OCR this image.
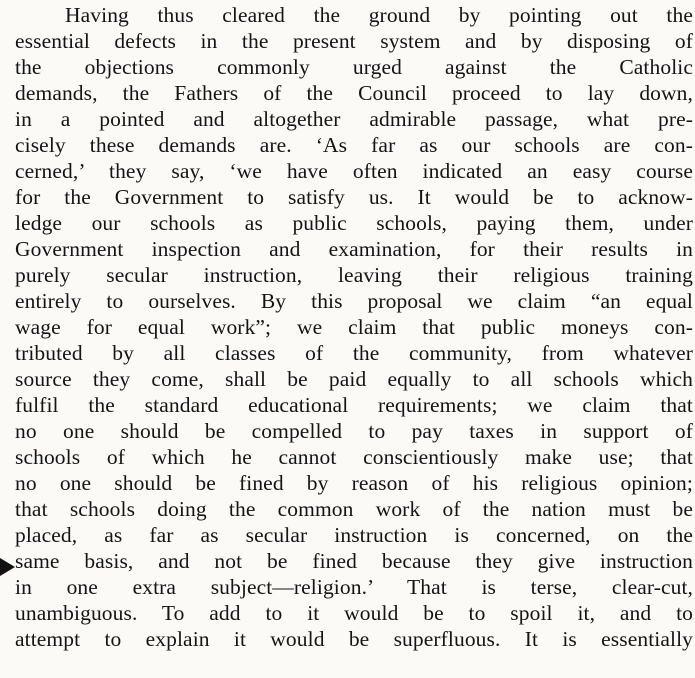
Having thus cleared the ground by pointing out the
essential defects in the present system and by disposing of
the objections commonly urged against the Catholic
demands, the Fathers of the Council proceed to lay down,
in a pointed and altogether admirable passage, what pre-
cisely these demands are. ‘As far as our schools are con-
cerned,’ they say, ‘we have often indicated an easy course
for the Government to satisfy us. It would be to acknow-
ledge our schools as public schools, paying them, under
Government inspection and examination, for their results in
purely secular instruction, leaving their religious training
entirely to ourselves. By this proposal we claim “an equal
wage for equal work”; we claim that public moneys con-
tributed by all classes of the community, from whatever
source they come, shall be paid equally to all schools which
fulfil the standard educational requirements; we claim that
no one should be compelled to pay taxes in support of
schools of which he cannot conscientiously make use; that
no one should be fined by reason of his religious opinion;
that schools doing the common work of the nation must be
placed, as far as secular instruction is concerned, on the
same basis, and not be fined because they give instruction
in one extra subject—religion.’ That is terse, clear-cut,
unambiguous. To add to it would be to spoil it, and to
attempt to explain it would be superfluous. It is essentially
